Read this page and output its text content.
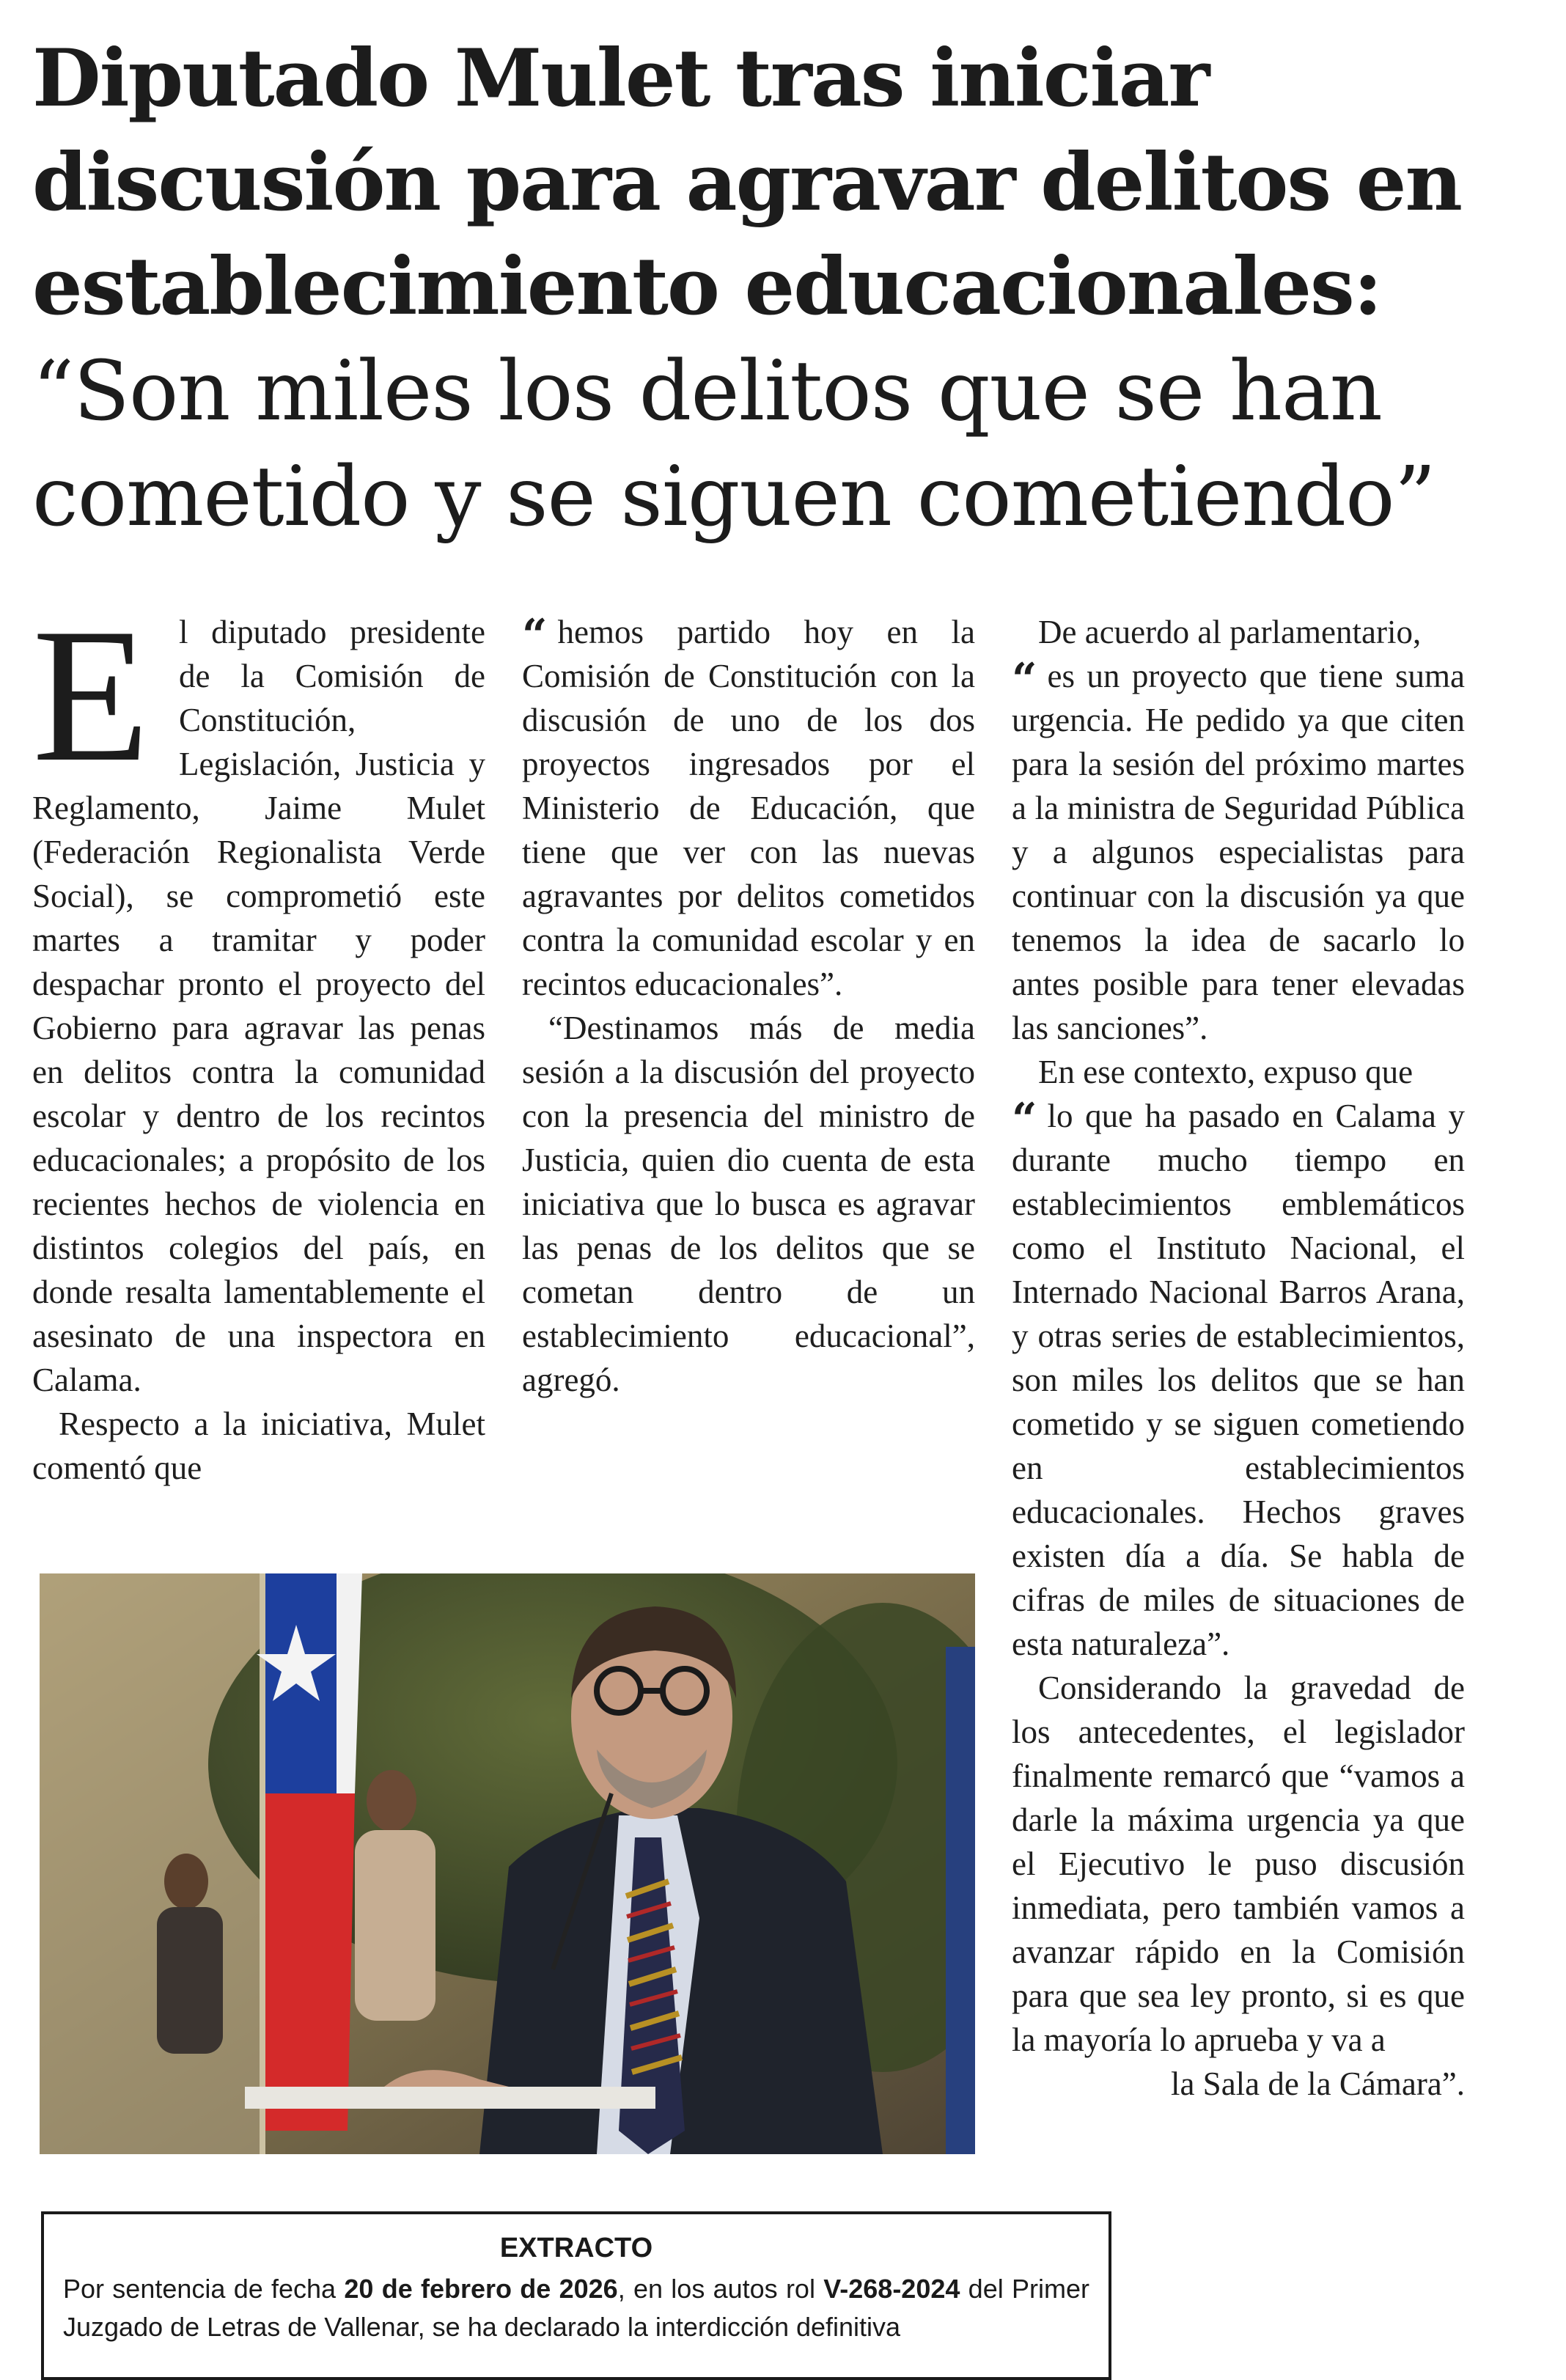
Diputado Mulet tras iniciar
discusión para agravar delitos en
establecimiento educacionales:
“Son miles los delitos que se han
cometido y se siguen cometiendo”

El diputado presidente de la Comisión de Constitución, Legislación, Justicia y Reglamento, Jaime Mulet (Federación Regionalista Verde Social), se comprometió este martes a tramitar y poder despachar pronto el proyecto del Gobierno para agravar las penas en delitos contra la comunidad escolar y dentro de los recintos educacionales; a propósito de los recientes hechos de violencia en distintos colegios del país, en donde resalta lamentablemente el asesinato de una inspectora en Calama.

Respecto a la iniciativa, Mulet comentó que

“ hemos partido hoy en la Comisión de Constitución con la discusión de uno de los dos proyectos ingresados por el Ministerio de Educación, que tiene que ver con las nuevas agravantes por delitos cometidos contra la comunidad escolar y en recintos educacionales”.

“Destinamos más de media sesión a la discusión del proyecto con la presencia del ministro de Justicia, quien dio cuenta de esta iniciativa que lo busca es agravar las penas de los delitos que se cometan dentro de un establecimiento educacional”, agregó.

De acuerdo al parlamentario,

“ es un proyecto que tiene suma urgencia. He pedido ya que citen para la sesión del próximo martes a la ministra de Seguridad Pública y a algunos especialistas para continuar con la discusión ya que tenemos la idea de sacarlo lo antes posible para tener elevadas las sanciones”.

En ese contexto, expuso que

“ lo que ha pasado en Calama y durante mucho tiempo en establecimientos emblemáticos como el Instituto Nacional, el Internado Nacional Barros Arana, y otras series de establecimientos, son miles los delitos que se han cometido y se siguen cometiendo en establecimientos educacionales. Hechos graves existen día a día. Se habla de cifras de miles de situaciones de esta naturaleza”.

Considerando la gravedad de los antecedentes, el legislador finalmente remarcó que “vamos a darle la máxima urgencia ya que el Ejecutivo le puso discusión inmediata, pero también vamos a avanzar rápido en la Comisión para que sea ley pronto, si es que la mayoría lo aprueba y va a

la Sala de la Cámara”.

EXTRACTO
Por sentencia de fecha 20 de febrero de 2026, en los autos rol V-268-2024 del Primer Juzgado de Letras de Vallenar, se ha declarado la interdicción definitiva
